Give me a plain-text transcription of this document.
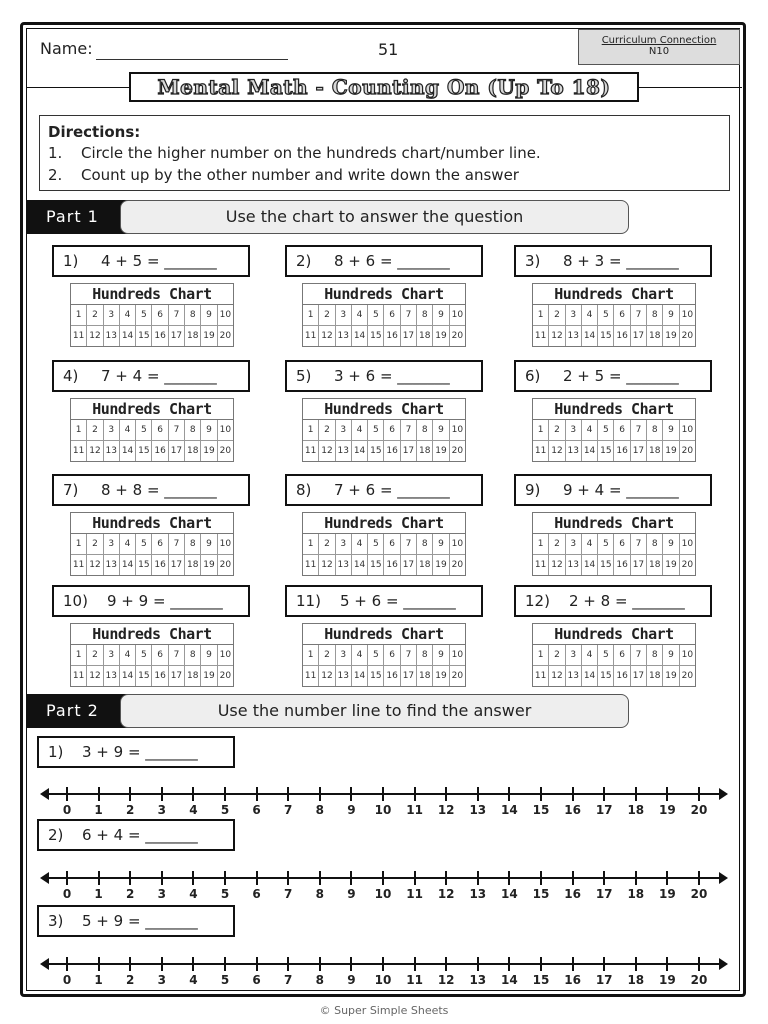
Name:	51	Curriculum Connection
N10
Mental Math - Counting On (Up To 18)
Directions:
1.	Circle the higher number on the hundreds chart/number line.
2.	Count up by the other number and write down the answer
Part 1	Use the chart to answer the question
1) 4 + 5 = _______
Hundreds Chart
1	2	3	4	5	6	7	8	9 10
11 12 13 14 15 16 17 18 19 20
2) 8 + 6 = _______
Hundreds Chart
1	2	3	4	5	6	7	8	9 10
11 12 13 14 15 16 17 18 19 20
3) 8 + 3 = _______
Hundreds Chart
1	2	3	4	5	6	7	8	9 10
11 12 13 14 15 16 17 18 19 20
4) 7 + 4 = _______
Hundreds Chart
1	2	3	4	5	6	7	8	9 10
11 12 13 14 15 16 17 18 19 20
5) 3 + 6 = _______
Hundreds Chart
1	2	3	4	5	6	7	8	9 10
11 12 13 14 15 16 17 18 19 20
6) 2 + 5 = _______
Hundreds Chart
1	2	3	4	5	6	7	8	9 10
11 12 13 14 15 16 17 18 19 20
7) 8 + 8 = _______
Hundreds Chart
1	2	3	4	5	6	7	8	9 10
11 12 13 14 15 16 17 18 19 20
8) 7 + 6 = _______
Hundreds Chart
1	2	3	4	5	6	7	8	9 10
11 12 13 14 15 16 17 18 19 20
9) 9 + 4 = _______
Hundreds Chart
1	2	3	4	5	6	7	8	9 10
11 12 13 14 15 16 17 18 19 20
10) 9 + 9 = _______
Hundreds Chart
1	2	3	4	5	6	7	8	9 10
11 12 13 14 15 16 17 18 19 20
11) 5 + 6 = _______
Hundreds Chart
1	2	3	4	5	6	7	8	9 10
11 12 13 14 15 16 17 18 19 20
12) 2 + 8 = _______
Hundreds Chart
1	2	3	4	5	6	7	8	9 10
11 12 13 14 15 16 17 18 19 20
Part 2	Use the number line to find the answer
1) 3 + 9 = _______
0	1	2	3	4	5	6	7	8	9	10	11	12	13	14	15	16	17	18	19	20
2) 6 + 4 = _______
0	1	2	3	4	5	6	7	8	9	10	11	12	13	14	15	16	17	18	19	20
3) 5 + 9 = _______
0	1	2	3	4	5	6	7	8	9	10	11	12	13	14	15	16	17	18	19	20
© Super Simple Sheets
